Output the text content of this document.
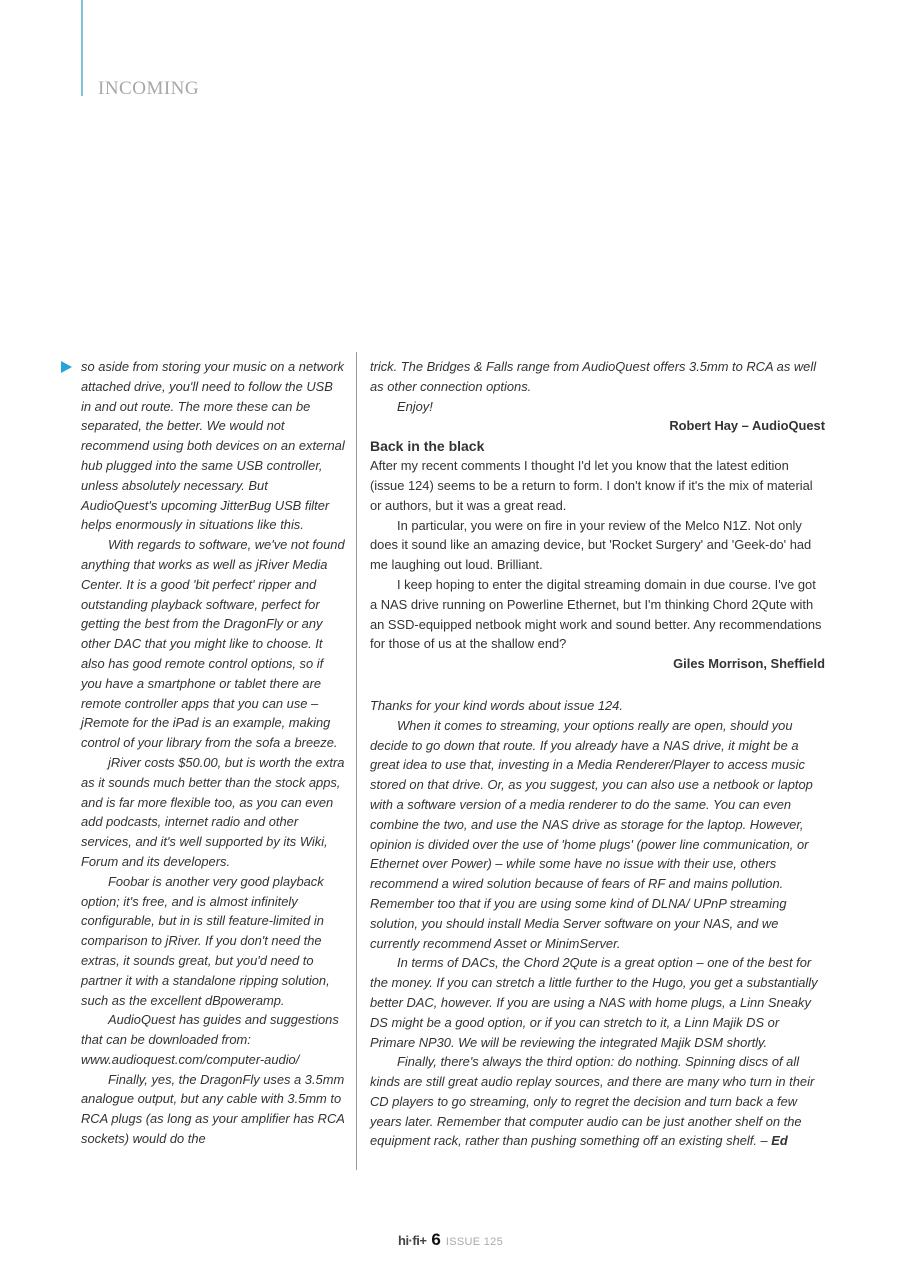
INCOMING

so aside from storing your music on a network attached drive, you'll need to follow the USB in and out route. The more these can be separated, the better. We would not recommend using both devices on an external hub plugged into the same USB controller, unless absolutely necessary. But AudioQuest's upcoming JitterBug USB filter helps enormously in situations like this.

With regards to software, we've not found anything that works as well as jRiver Media Center. It is a good 'bit perfect' ripper and outstanding playback software, perfect for getting the best from the DragonFly or any other DAC that you might like to choose. It also has good remote control options, so if you have a smartphone or tablet there are remote controller apps that you can use – jRemote for the iPad is an example, making control of your library from the sofa a breeze.

jRiver costs $50.00, but is worth the extra as it sounds much better than the stock apps, and is far more flexible too, as you can even add podcasts, internet radio and other services, and it's well supported by its Wiki, Forum and its developers.

Foobar is another very good playback option; it's free, and is almost infinitely configurable, but in is still feature-limited in comparison to jRiver. If you don't need the extras, it sounds great, but you'd need to partner it with a standalone ripping solution, such as the excellent dBpoweramp.

AudioQuest has guides and suggestions that can be downloaded from: www.audioquest.com/computer-audio/

Finally, yes, the DragonFly uses a 3.5mm analogue output, but any cable with 3.5mm to RCA plugs (as long as your amplifier has RCA sockets) would do the

trick. The Bridges & Falls range from AudioQuest offers 3.5mm to RCA as well as other connection options.

Enjoy!

Robert Hay – AudioQuest

Back in the black

After my recent comments I thought I'd let you know that the latest edition (issue 124) seems to be a return to form. I don't know if it's the mix of material or authors, but it was a great read.

In particular, you were on fire in your review of the Melco N1Z. Not only does it sound like an amazing device, but 'Rocket Surgery' and 'Geek-do' had me laughing out loud. Brilliant.

I keep hoping to enter the digital streaming domain in due course. I've got a NAS drive running on Powerline Ethernet, but I'm thinking Chord 2Qute with an SSD-equipped netbook might work and sound better. Any recommendations for those of us at the shallow end?

Giles Morrison, Sheffield

Thanks for your kind words about issue 124.

When it comes to streaming, your options really are open, should you decide to go down that route. If you already have a NAS drive, it might be a great idea to use that, investing in a Media Renderer/Player to access music stored on that drive. Or, as you suggest, you can also use a netbook or laptop with a software version of a media renderer to do the same. You can even combine the two, and use the NAS drive as storage for the laptop. However, opinion is divided over the use of 'home plugs' (power line communication, or Ethernet over Power) – while some have no issue with their use, others recommend a wired solution because of fears of RF and mains pollution. Remember too that if you are using some kind of DLNA/ UPnP streaming solution, you should install Media Server software on your NAS, and we currently recommend Asset or MinimServer.

In terms of DACs, the Chord 2Qute is a great option – one of the best for the money. If you can stretch a little further to the Hugo, you get a substantially better DAC, however. If you are using a NAS with home plugs, a Linn Sneaky DS might be a good option, or if you can stretch to it, a Linn Majik DS or Primare NP30. We will be reviewing the integrated Majik DSM shortly.

Finally, there's always the third option: do nothing. Spinning discs of all kinds are still great audio replay sources, and there are many who turn in their CD players to go streaming, only to regret the decision and turn back a few years later. Remember that computer audio can be just another shelf on the equipment rack, rather than pushing something off an existing shelf. – Ed

hi·fi+ 6 ISSUE 125
